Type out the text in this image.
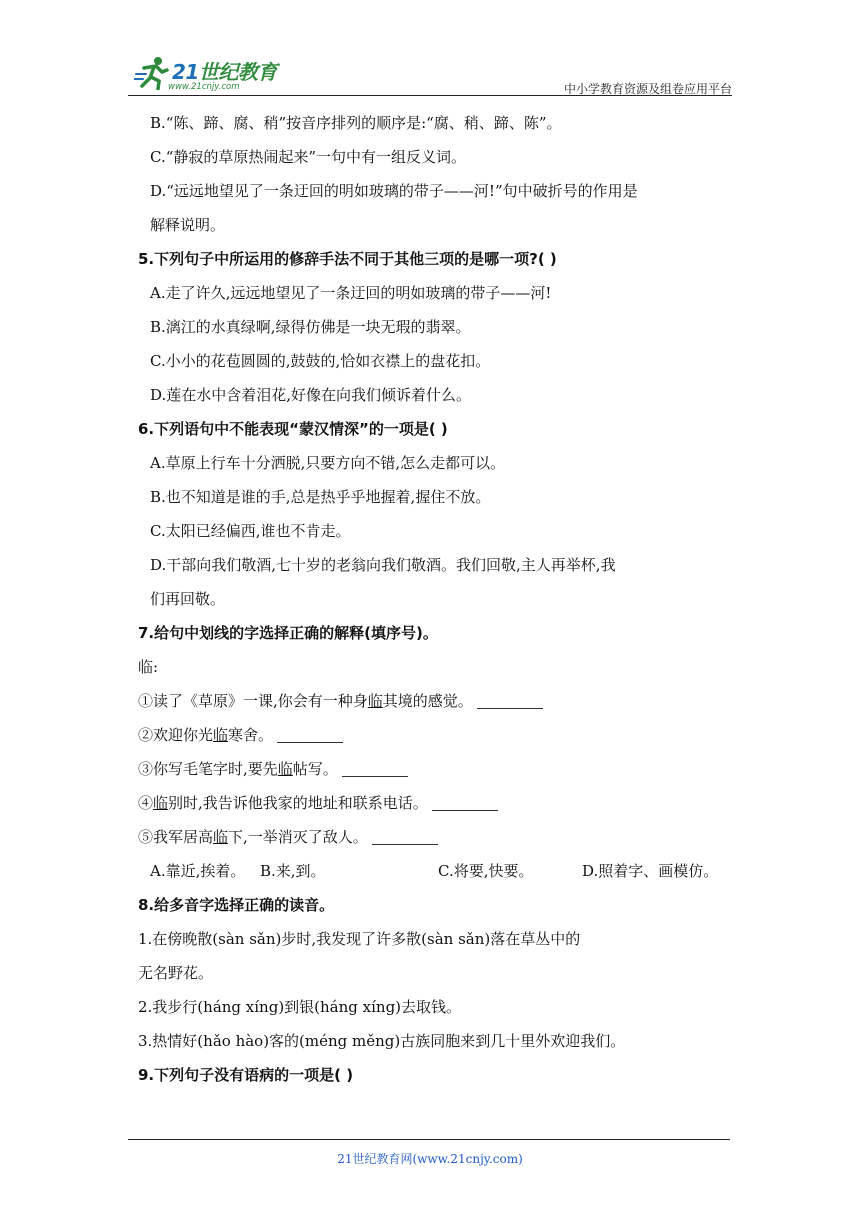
21世纪教育
www.21cnjy.com	中小学教育资源及组卷应用平台
B.“陈、蹄、腐、稍”按音序排列的顺序是:“腐、稍、蹄、陈”。
C.“静寂的草原热闹起来”一句中有一组反义词。
D.“远远地望见了一条迂回的明如玻璃的带子——河!”句中破折号的作用是
解释说明。
5.下列句子中所运用的修辞手法不同于其他三项的是哪一项?( )
A.走了许久,远远地望见了一条迂回的明如玻璃的带子——河!
B.漓江的水真绿啊,绿得仿佛是一块无瑕的翡翠。
C.小小的花苞圆圆的,鼓鼓的,恰如衣襟上的盘花扣。
D.莲在水中含着泪花,好像在向我们倾诉着什么。
6.下列语句中不能表现“蒙汉情深”的一项是( )
A.草原上行车十分洒脱,只要方向不错,怎么走都可以。
B.也不知道是谁的手,总是热乎乎地握着,握住不放。
C.太阳已经偏西,谁也不肯走。
D.干部向我们敬酒,七十岁的老翁向我们敬酒。我们回敬,主人再举杯,我
们再回敬。
7.给句中划线的字选择正确的解释(填序号)。
临:
①读了《草原》一课,你会有一种身临其境的感觉。
②欢迎你光临寒舍。
③你写毛笔字时,要先临帖写。
④临别时,我告诉他我家的地址和联系电话。
⑤我军居高临下,一举消灭了敌人。
A.靠近,挨着。 B.来,到。	C.将要,快要。	D.照着字、画模仿。
8.给多音字选择正确的读音。
1.在傍晚散(sàn sǎn)步时,我发现了许多散(sàn sǎn)落在草丛中的
无名野花。
2.我步行(háng xíng)到银(háng xíng)去取钱。
3.热情好(hǎo hào)客的(méng měng)古族同胞来到几十里外欢迎我们。
9.下列句子没有语病的一项是( )
21世纪教育网(www.21cnjy.com)
